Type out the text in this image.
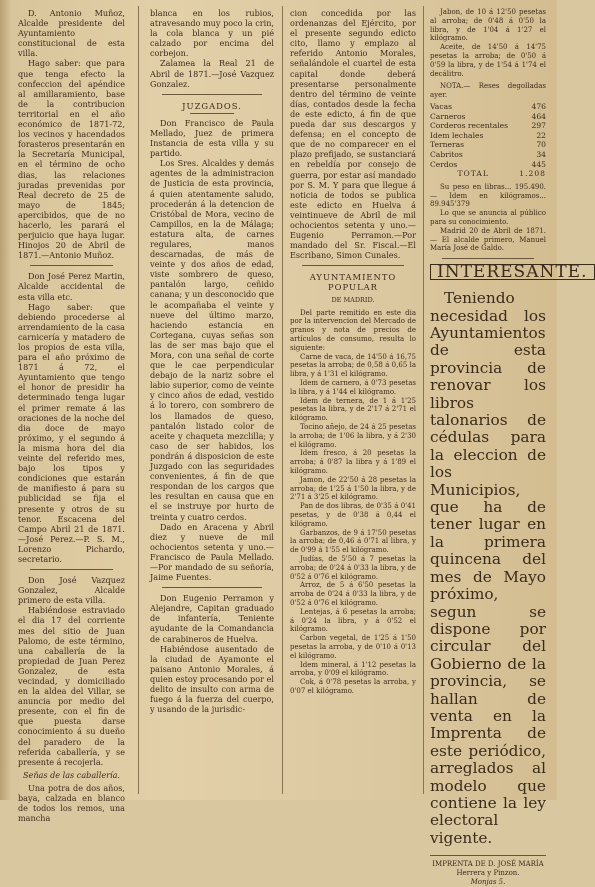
D. Antonio Muñoz, Alcalde presidente del Ayuntamiento constitucional de esta villa.

Hago saber: que para que tenga efecto la confeccion del apéndice al amillaramiento, base de la contribucion territorial en el año económico de 1871-72, los vecinos y hacendados forasteros presentarán en la Secretaría Municipal, en el término de ocho dias, las relaciones juradas prevenidas por Real decreto de 25 de mayo de 1845; apercibidos, que de no hacerlo, les parará el perjuicio que haya lugar. Hinojos 20 de Abril de 1871.—Antonio Muñoz.

Don José Perez Martin, Alcalde accidental de esta villa etc.

Hago saber: que debiendo procederse al arrendamiento de la casa carnicería y matadero de los propios de esta villa, para el año próximo de 1871 á 72, el Ayuntamiento que tengo el honor de presidir ha determinado tenga lugar el primer remate á las oraciones de la noche del dia doce de mayo próximo, y el segundo á la misma hora del dia veinte del referido mes, bajo los tipos y condiciones que estarán de manifiesto á para su publicidad se fija el presente y otros de su tenor. Escacena del Campo Abril 21 de 1871.—José Perez.—P. S. M., Lorenzo Pichardo, secretario.

Don José Vazquez Gonzalez, Alcalde primero de esta villa.

Habiéndose estraviado el dia 17 del corriente mes del sitio de Juan Palomo, de este término, una caballería de la propiedad de Juan Perez Gonzalez, de esta vecindad, y domiciliado en la aldea del Villar, se anuncia por medio del presente, con el fin de que puesta darse conocimiento á su dueño del paradero de la referida caballería, y se presente á recojerla.

Señas de las caballería.

Una potra de dos años, baya, calzada en blanco de todos los remos, una mancha

blanca en los rubios, atravesando muy poco la crin, la cola blanca y un pié calzado por encima del corbejon.

Zalamea la Real 21 de Abril de 1871.—José Vazquez Gonzalez.

JUZGADOS.

Don Francisco de Paula Mellado, Juez de primera Instancia de esta villa y su partido.

Los Sres. Alcaldes y demás agentes de la administracion de Justicia de esta provincia, á quien atentamente saludo, procederán á la detencion de Cristóbal de Mora, vecino de Campillos, en la de Málaga; estatura alta, de carnes regulares, manos descarnadas, de más de veinte y dos años de edad, viste sombrero de queso, pantalón largo, ceñido canana; y un desconocido que le acompañaba el veinte y nueve del último marzo, haciendo estancia en Cortegana, cuyas señas son las de ser mas bajo que el Mora, con una señal de corte que le cae perpendicular debajo de la nariz sobre el labio superior, como de veinte y cinco años de edad, vestido á lo torero, con sombrero de los llamados de queso, pantalón listado color de aceite y chaqueta mezclilla; y caso de ser habidos, los pondrán á disposicion de este Juzgado con las seguridades convenientes, á fin de que respondan de los cargos que les resultan en causa que en el se instruye por hurto de treinta y cuatro cerdos.

Dado en Aracena y Abril diez y nueve de mil ochocientos setenta y uno.—Francisco de Paula Mellado.—Por mandado de su señoría, Jaime Fuentes.

Don Eugenio Perramon y Alejandre, Capitan graduado de infantería, Teniente ayudante de la Comandancia de carabineros de Huelva.

Habiéndose ausentado de la ciudad de Ayamonte el paisano Antonio Morales, á quien estoy procesando por el delito de insulto con arma de fuego á la fuerza del cuerpo, y usando de la jurisdic-

cion concedida por las ordenanzas del Ejército, por el presente segundo edicto cito, llamo y emplazo al referido Antonio Morales, señalándole el cuartel de esta capital donde deberá presentarse personalmente dentro del término de veinte días, contados desde la fecha de este edicto, á fin de que pueda dar sus descargos y defensa; en el concepto de que de no comparecer en el plazo prefijado, se sustanciará en rebeldía por consejo de guerra, por estar así mandado por S. M. Y para que llegue á noticia de todos se publica este edicto en Huelva á veintinueve de Abril de mil ochocientos setenta y uno.—Eugenio Perramon.—Por mandado del Sr. Fiscal.—El Escribano, Simon Cunales.

AYUNTAMIENTO POPULAR
DE MADRID.

Del parte remitido en este dia por la intervencion del Mercado de granos y nota de precios de artículos de consumo, resulta lo siguiente:

Carne de vaca, de 14'50 á 16,75 pesetas la arroba; de 0,58 á 0,65 la libra, y á 1'31 el kilógramo.

Idem de carnero, á 0'73 pesetas la libra, y á 1'44 el kilógramo.

Idem de ternera, de 1 á 1'25 pesetas la libra, y de 2'17 á 2'71 el kilógramo.

Tocino añejo, de 24 á 25 pesetas la arroba; de 1'06 la libra, y á 2'30 el kilógramo.

Idem fresco, á 20 pesetas la arroba; á 0'87 la libra y á 1'89 el kilógramo.

Jamon, de 22'50 á 28 pesetas la arroba; de 1'25 á 1'50 la libra, y de 2'71 á 3'25 el kilógramo.

Pan de dos libras, de 0'35 á 0'41 pesetas, y de 0'38 á 0,44 el kilógramo.

Garbanzos, de 9 á 17'50 pesetas la arroba; de 0,46 á 0'71 al libra, y de 0'99 á 1'55 el kilógramo.

Judías, de 5'50 á 7 pesetas la arroba; de 0'24 á 0'33 la libra, y de 0'52 á 0'76 el kilógramo.

Arroz, de 5 á 6'50 pesetas la arroba de 0'24 á 0'33 la libra, y de 0'52 á 0'76 el kilógramo.

Lentejas, á 6 pesetas la arroba; á 0'24 la libra, y á 0'52 el kilógramo.

Carbon vegetal, de 1'25 á 1'50 pesetas la arroba, y de 0'10 á 0'13 el kilógramo.

Idem mineral, á 1'12 pesetas la arroba, y 0'09 el kilógramo.

Cok, á 0'78 pesetas la arroba, y 0'07 el kilógramo.

Jabon, de 10 á 12'50 pesetas al arroba; de 0'48 á 0'50 la libra, y de 1'04 á 1'27 el kilógramo.

Aceite, de 14'50 á 14'75 pesetas la arroba; de 0'50 á 0'59 la libra, y de 1'54 á 1'74 el decálitro.

NOTA.— Reses degolladas ayer.

Vacas	476
Carneros	464
Corderos recentales	297
Idem lechales	22
Terneras	70
Cabritos	34
Cerdos	445
TOTAL	1.208

Su peso en libras... 195.490.— Idem en kilógramos... 89.945'379

Lo que se anuncia al público para su conocimiento.

Madrid 20 de Abril de 1871.— El alcalde primero, Manuel María José de Galdo.

INTERESANTE.

Teniendo necesidad los Ayuntamientos de esta provincia de renovar los libros talonarios de cédulas para la eleccion de los Municipios, que ha de tener lugar en la primera quincena del mes de Mayo próximo, segun se dispone por circular del Gobierno de la provincia, se hallan de venta en la Imprenta de este periódico, arreglados al modelo que contiene la ley electoral vigente.

IMPRENTA DE D. JOSÉ MARÍA Herrera y Pinzon.
Monjas 5.
